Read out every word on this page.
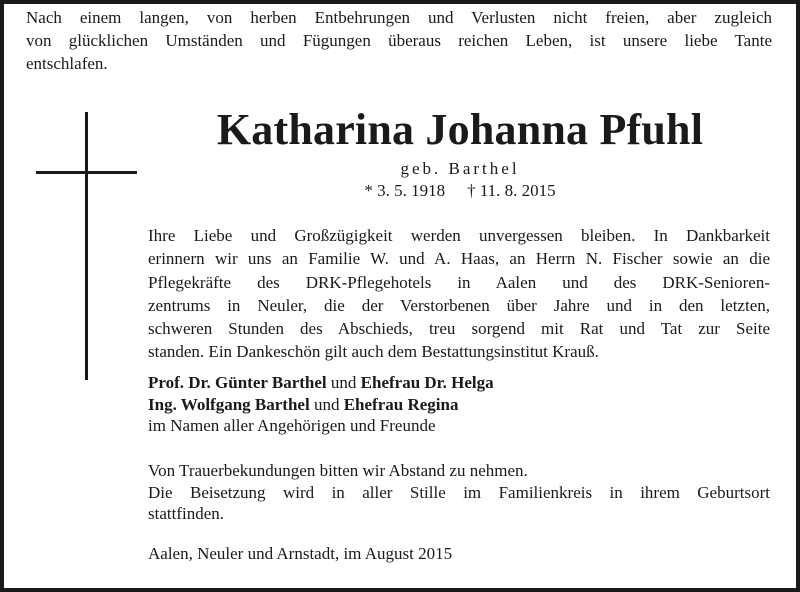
Nach einem langen, von herben Entbehrungen und Verlusten nicht freien, aber zugleich
von glücklichen Umständen und Fügungen überaus reichen Leben, ist unsere liebe Tante
entschlafen.
Katharina Johanna Pfuhl
geb. Barthel
* 3. 5. 1918 † 11. 8. 2015
Ihre Liebe und Großzügigkeit werden unvergessen bleiben. In Dankbarkeit
erinnern wir uns an Familie W. und A. Haas, an Herrn N. Fischer sowie an die
Pflegekräfte des DRK-Pflegehotels in Aalen und des DRK-Senioren-
zentrums in Neuler, die der Verstorbenen über Jahre und in den letzten,
schweren Stunden des Abschieds, treu sorgend mit Rat und Tat zur Seite
standen. Ein Dankeschön gilt auch dem Bestattungsinstitut Krauß.
Prof. Dr. Günter Barthel und Ehefrau Dr. Helga
Ing. Wolfgang Barthel und Ehefrau Regina
im Namen aller Angehörigen und Freunde
Von Trauerbekundungen bitten wir Abstand zu nehmen.
Die Beisetzung wird in aller Stille im Familienkreis in ihrem Geburtsort
stattfinden.
Aalen, Neuler und Arnstadt, im August 2015
